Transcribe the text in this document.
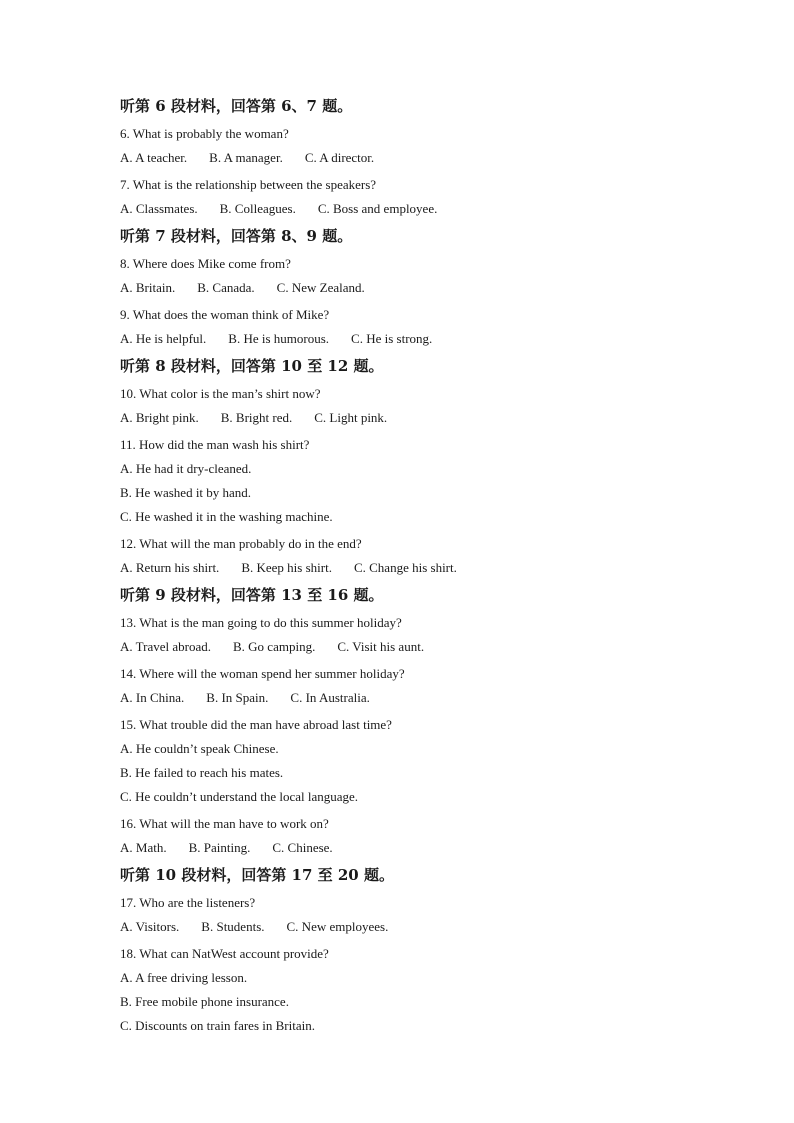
听第 6 段材料，回答第 6、7 题。
6. What is probably the woman?
A. A teacher. B. A manager. C. A director.
7. What is the relationship between the speakers?
A. Classmates. B. Colleagues. C. Boss and employee.
听第 7 段材料，回答第 8、9 题。
8. Where does Mike come from?
A. Britain. B. Canada. C. New Zealand.
9. What does the woman think of Mike?
A. He is helpful. B. He is humorous. C. He is strong.
听第 8 段材料，回答第 10 至 12 题。
10. What color is the man’s shirt now?
A. Bright pink. B. Bright red. C. Light pink.
11. How did the man wash his shirt?
A. He had it dry-cleaned.
B. He washed it by hand.
C. He washed it in the washing machine.
12. What will the man probably do in the end?
A. Return his shirt. B. Keep his shirt. C. Change his shirt.
听第 9 段材料，回答第 13 至 16 题。
13. What is the man going to do this summer holiday?
A. Travel abroad. B. Go camping. C. Visit his aunt.
14. Where will the woman spend her summer holiday?
A. In China. B. In Spain. C. In Australia.
15. What trouble did the man have abroad last time?
A. He couldn’t speak Chinese.
B. He failed to reach his mates.
C. He couldn’t understand the local language.
16. What will the man have to work on?
A. Math. B. Painting. C. Chinese.
听第 10 段材料，回答第 17 至 20 题。
17. Who are the listeners?
A. Visitors. B. Students. C. New employees.
18. What can NatWest account provide?
A. A free driving lesson.
B. Free mobile phone insurance.
C. Discounts on train fares in Britain.
